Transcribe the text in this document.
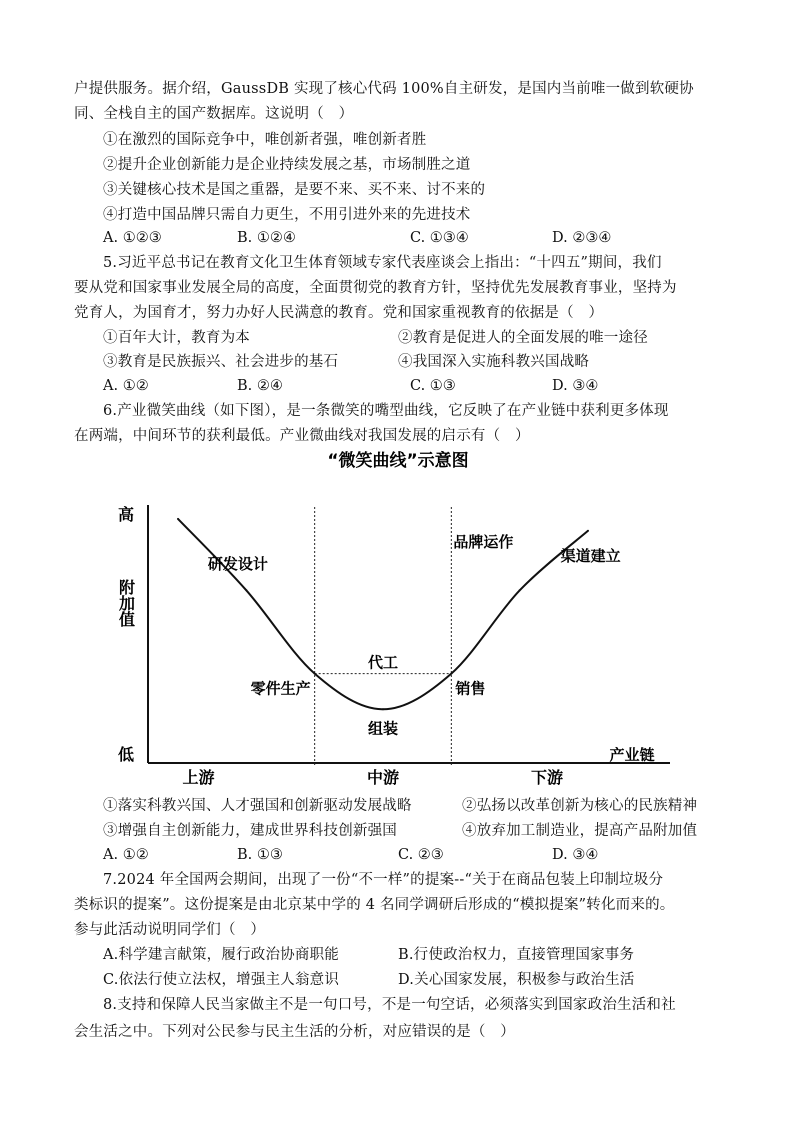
户提供服务。据介绍，GaussDB 实现了核心代码 100%自主研发，是国内当前唯一做到软硬协
同、全栈自主的国产数据库。这说明（　）
①在激烈的国际竞争中，唯创新者强，唯创新者胜
②提升企业创新能力是企业持续发展之基，市场制胜之道
③关键核心技术是国之重器，是要不来、买不来、讨不来的
④打造中国品牌只需自力更生，不用引进外来的先进技术
A. ①②③	B. ①②④	C. ①③④	D. ②③④
5.习近平总书记在教育文化卫生体育领域专家代表座谈会上指出：“十四五”期间，我们
要从党和国家事业发展全局的高度，全面贯彻党的教育方针，坚持优先发展教育事业，坚持为
党育人，为国育才，努力办好人民满意的教育。党和国家重视教育的依据是（　）
①百年大计，教育为本	②教育是促进人的全面发展的唯一途径
③教育是民族振兴、社会进步的基石	④我国深入实施科教兴国战略
A. ①②	B. ②④	C. ①③	D. ③④
6.产业微笑曲线（如下图），是一条微笑的嘴型曲线，它反映了在产业链中获利更多体现
在两端，中间环节的获利最低。产业微曲线对我国发展的启示有（　）
“微笑曲线”示意图
高
低
附加值
产业链
上游	中游	下游
研发设计
零件生产
组装
销售
品牌运作
渠道建立
代工
①落实科教兴国、人才强国和创新驱动发展战略	②弘扬以改革创新为核心的民族精神
③增强自主创新能力，建成世界科技创新强国	④放弃加工制造业，提高产品附加值
A. ①②	B. ①③	C. ②③	D. ③④
7.2024 年全国两会期间，出现了一份“不一样”的提案--“关于在商品包装上印制垃圾分
类标识的提案”。这份提案是由北京某中学的 4 名同学调研后形成的“模拟提案”转化而来的。
参与此活动说明同学们（　）
A.科学建言献策，履行政治协商职能	B.行使政治权力，直接管理国家事务
C.依法行使立法权，增强主人翁意识	D.关心国家发展，积极参与政治生活
8.支持和保障人民当家做主不是一句口号，不是一句空话，必须落实到国家政治生活和社
会生活之中。下列对公民参与民主生活的分析，对应错误的是（　）
